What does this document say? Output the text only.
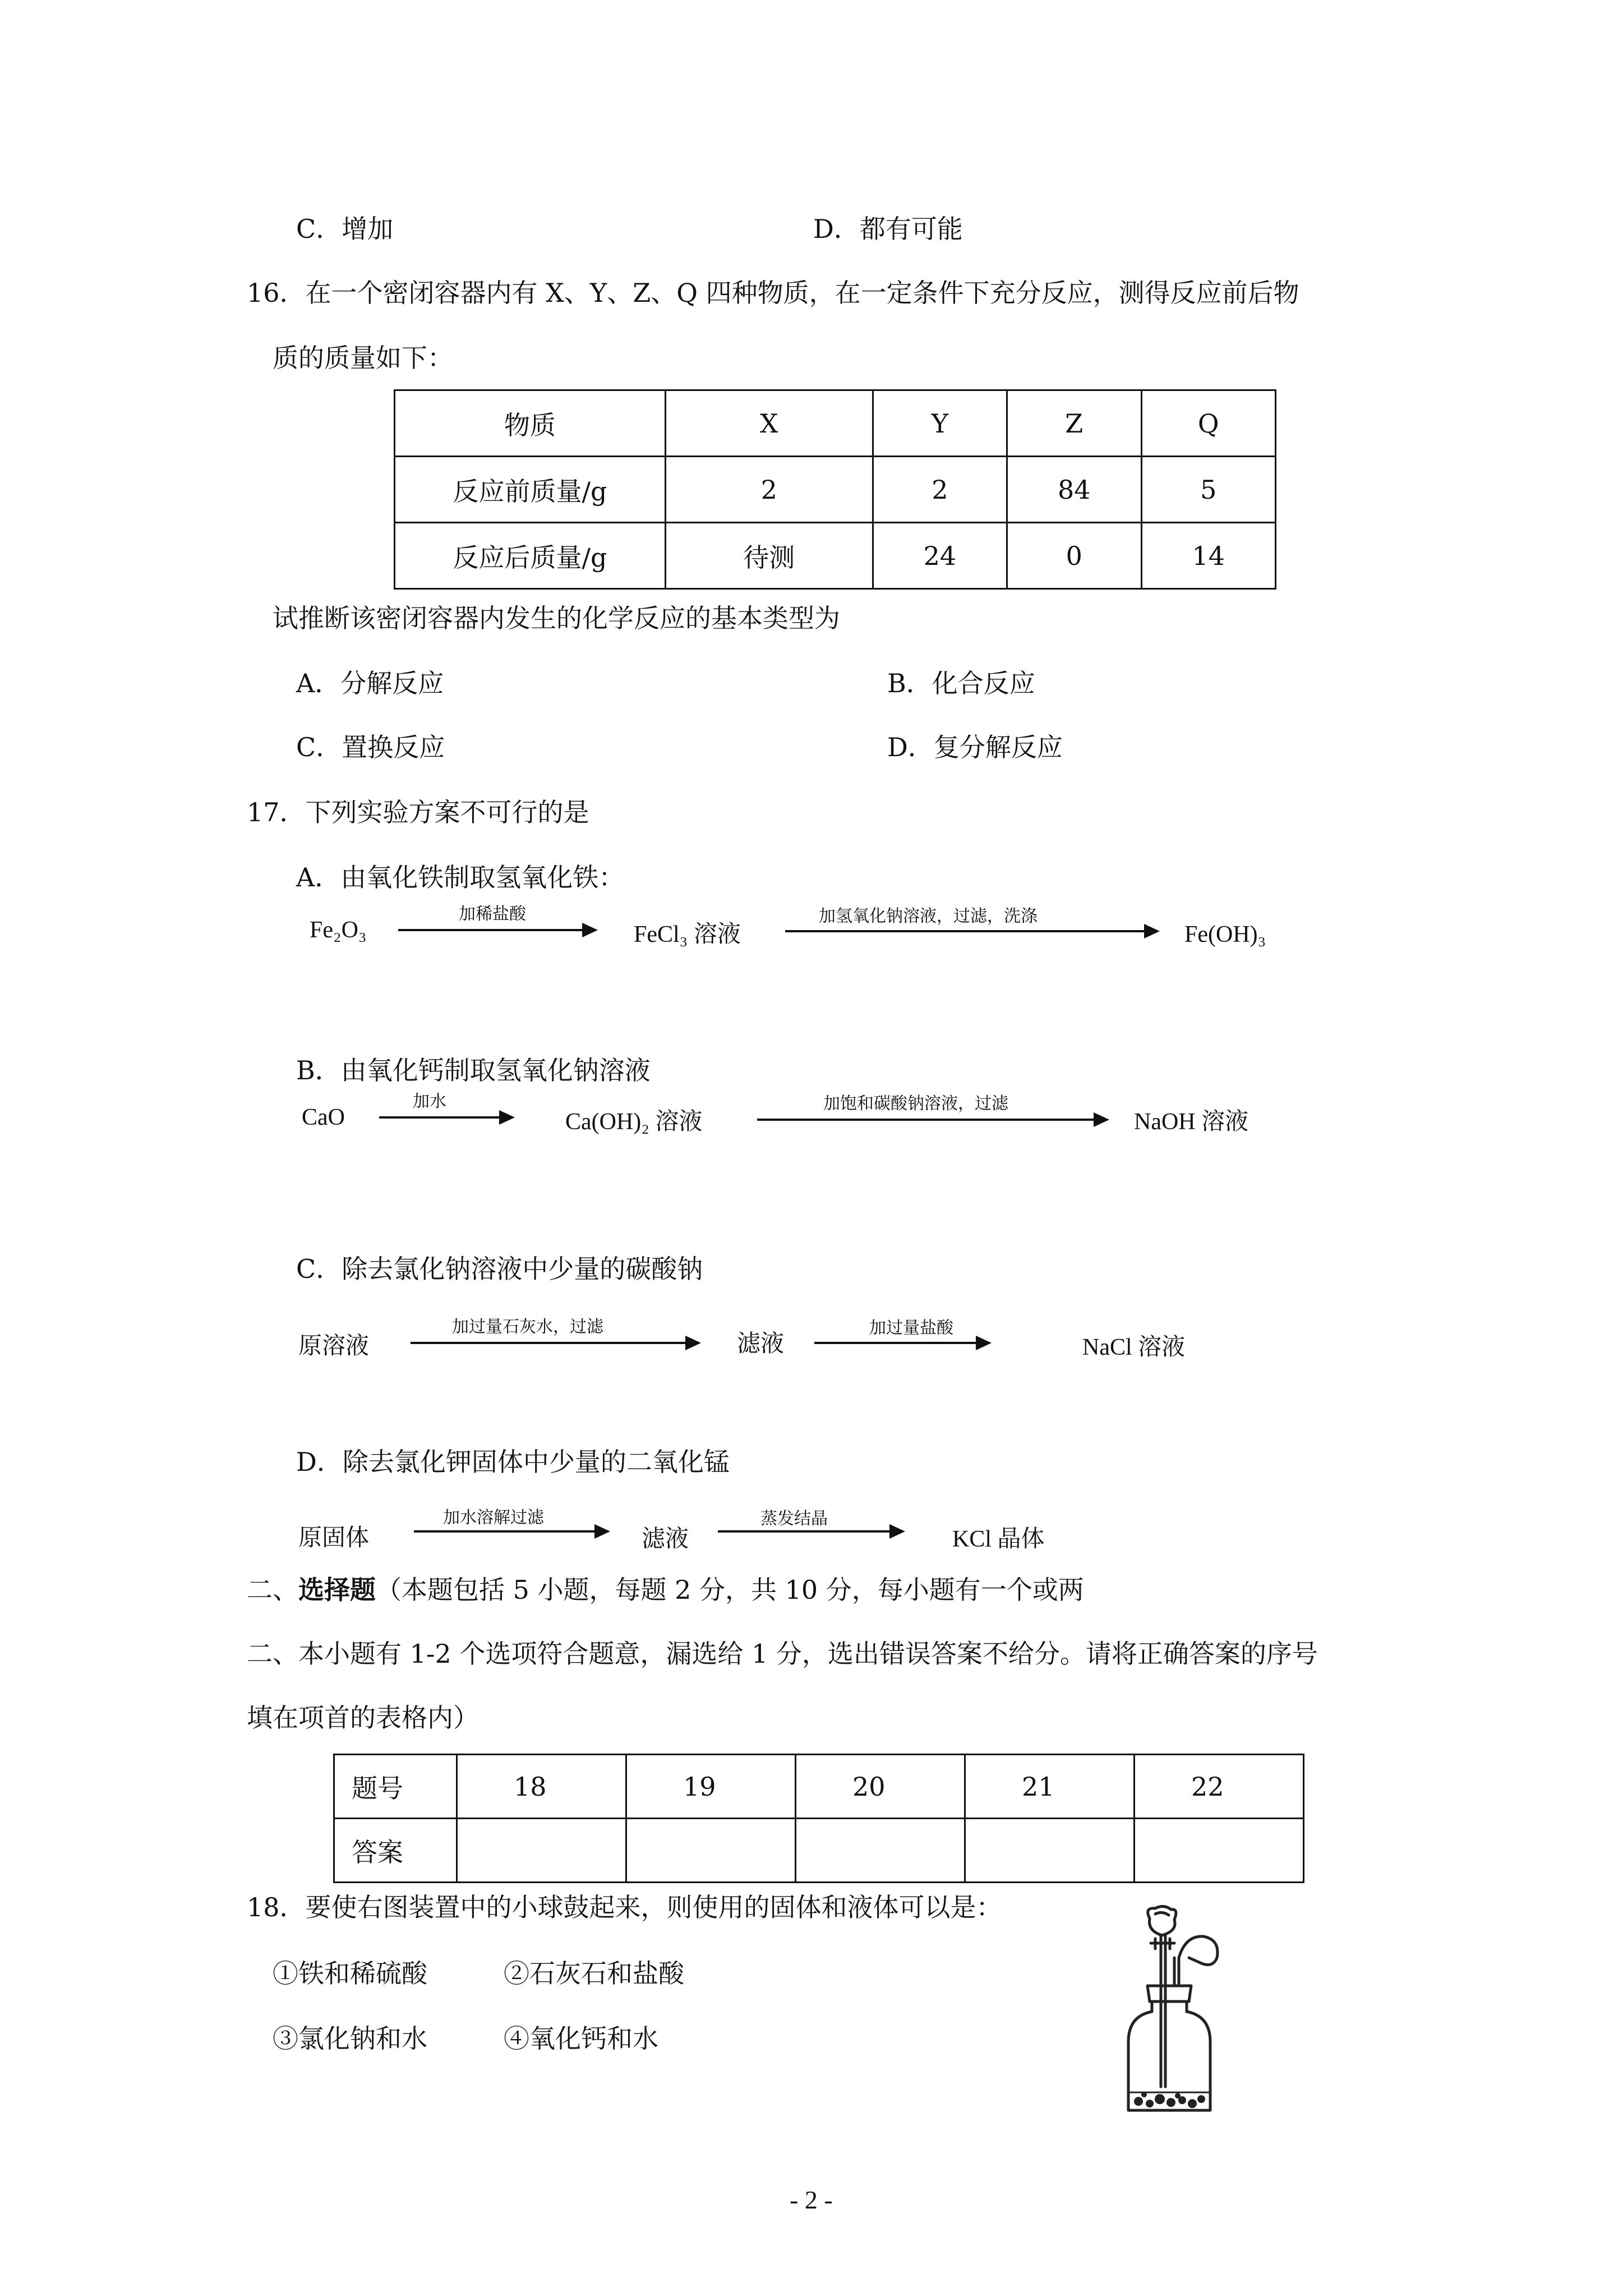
C．增加	D．都有可能
16．在一个密闭容器内有 X、Y、Z、Q 四种物质，在一定条件下充分反应，测得反应前后物
质的质量如下：
物质	X	Y	Z	Q
反应前质量/g	2	2	84	5
反应后质量/g	待测	24	0	14
试推断该密闭容器内发生的化学反应的基本类型为
A．分解反应	B．化合反应
C．置换反应	D．复分解反应
17．下列实验方案不可行的是
A．由氧化铁制取氢氧化铁：
Fe₂O₃
加稀盐酸
FeCl₃ 溶液
加氢氧化钠溶液，过滤，洗涤
Fe(OH)₃
B．由氧化钙制取氢氧化钠溶液
CaO
加水
Ca(OH)₂ 溶液
加饱和碳酸钠溶液，过滤
NaOH 溶液
C．除去氯化钠溶液中少量的碳酸钠
原溶液
加过量石灰水，过滤
滤液
加过量盐酸
NaCl 溶液
D．除去氯化钾固体中少量的二氧化锰
原固体
加水溶解过滤
滤液
蒸发结晶
KCl 晶体
二、选择题（本题包括 5 小题，每题 2 分，共 10 分，每小题有一个或两
二、本小题有 1-2 个选项符合题意，漏选给 1 分，选出错误答案不给分。请将正确答案的序号
填在项首的表格内）
题号	18	19	20	21	22
答案					
18．要使右图装置中的小球鼓起来，则使用的固体和液体可以是：
①铁和稀硫酸	②石灰石和盐酸
③氯化钠和水	④氧化钙和水
- 2 -
